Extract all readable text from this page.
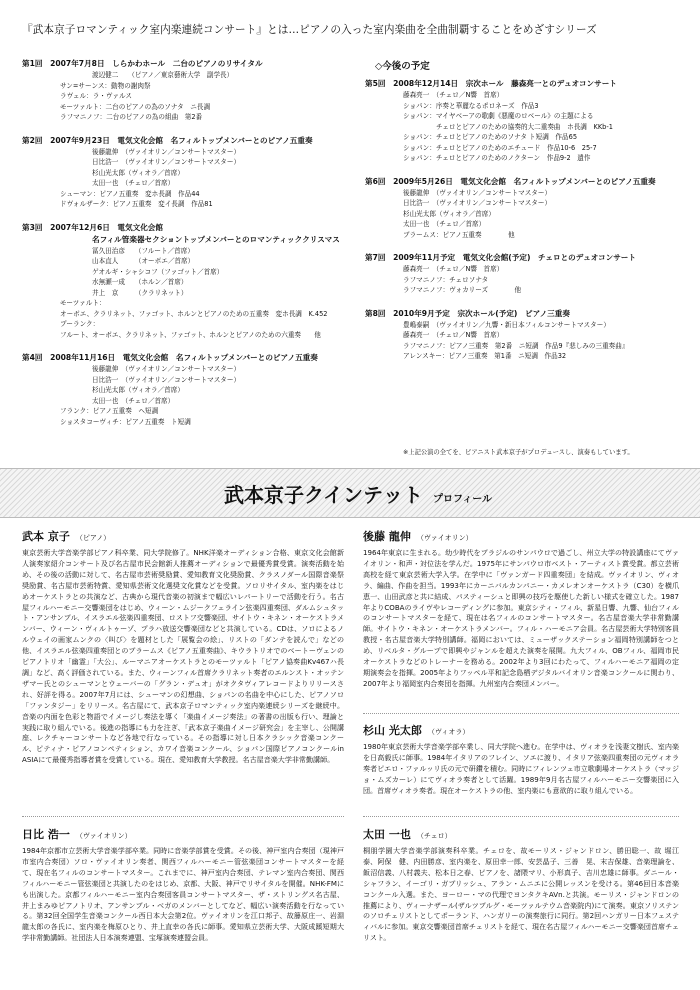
『武本京子ロマンティック室内楽連続コンサート』とは…ピアノの入った室内楽曲を全曲制覇することをめざすシリーズ
第1回　2007年7月8日　しらかわホール　二台のピアノのリサイタル
渡辺健二　　（ピアノ／東京藝術大学　副学長）
サン=サーンス：動物の謝肉祭
ラヴェル：ラ・ヴァルス
モーツァルト：二台のピアノの為のソナタ　ニ長調
ラフマニノフ：二台のピアノの為の組曲　第2番
第2回　2007年9月23日　電気文化会館　名フィルトップメンバーとのピアノ五重奏
後藤龍伸　（ヴァイオリン／コンサートマスター）
日比浩一　（ヴァイオリン／コンサートマスター）
杉山光太郎（ヴィオラ／首席）
太田一也　（チェロ／首席）
シューマン：ピアノ五重奏　変ホ長調　作品44
ドヴォルザーク：ピアノ五重奏　変イ長調　作品81
第3回　2007年12月6日　電気文化会館
名フィル管楽器セクショントップメンバーとのロマンティッククリスマス
冨久田治彦　　（フルート／首席）
山本直人　　　（オーボエ／首席）
ゲオルギ・シャシコフ（ファゴット／首席）
水無瀬一成　　（ホルン／首席）
井上　京　　　（クラリネット）
モーツァルト：
オーボエ、クラリネット、ファゴット、ホルンとピアノのための五重奏　変ホ長調　K.452
プーランク：
フルート、オーボエ、クラリネット、ファゴット、ホルンとピアノのための六重奏　　他
第4回　2008年11月16日　電気文化会館　名フィルトップメンバーとのピアノ五重奏
後藤龍伸　（ヴァイオリン／コンサートマスター）
日比浩一　（ヴァイオリン／コンサートマスター）
杉山光太郎（ヴィオラ／首席）
太田一也　（チェロ／首席）
フランク：ピアノ五重奏　ヘ短調
ショスタコーヴィチ：ピアノ五重奏　ト短調
◇今後の予定
第5回　2008年12月14日　宗次ホール　藤森亮一とのデュオコンサート
藤森亮一　（チェロ／N響　首席）
ショパン：序奏と華麗なるポロネーズ　作品3
ショパン：マイヤベーアの歌劇《悪魔のロベール》の主題による
　　　　　チェロとピアノのための協奏的大二重奏曲　ホ長調　KKb-1
ショパン：チェロとピアノのためのソナタ ト短調　作品65
ショパン：チェロとピアノのためのエチュード　作品10-6　25-7
ショパン：チェロとピアノのためのノクターン　作品9-2　遺作
第6回　2009年5月26日　電気文化会館　名フィルトップメンバーとのピアノ五重奏
後藤龍伸　（ヴァイオリン／コンサートマスター）
日比浩一　（ヴァイオリン／コンサートマスター）
杉山光太郎（ヴィオラ／首席）
太田一也　（チェロ／首席）
ブラームス：ピアノ五重奏　　　　他
第7回　2009年11月予定　電気文化会館(予定)　チェロとのデュオコンサート
藤森亮一　（チェロ／N響　首席）
ラフマニノフ：チェロソナタ
ラフマニノフ：ヴォカリーズ　　　　他
第8回　2010年9月予定　宗次ホール(予定)　ピアノ三重奏
豊嶋泰嗣　（ヴァイオリン／九響・新日本フィルコンサートマスター）
藤森亮一　（チェロ／N響　首席）
ラフマニノフ：ピアノ三重奏　第2番　ニ短調　作品9『悲しみの三重奏曲』
アレンスキー：ピアノ三重奏　第1番　ニ短調　作品32
※上記公演の全てを、ピアニスト武本京子がプロデュースし、演奏もしています。
武本京子クインテット プロフィール
武本 京子 （ピアノ）
東京芸術大学音楽学部ピアノ科卒業、同大学院修了。NHK洋楽オーディション合格、東京文化会館新人演奏家紹介コンサート及び名古屋市民会館新人推薦オーディションで最優秀賞受賞。演奏活動を始め、その後の活動に対して、名古屋市芸術奨励賞、愛知教育文化奨励賞、クラスノダール国際音楽祭奨励賞、名古屋市芸術特賞、愛知県芸術文化選奨文化賞などを受賞。ソロリサイタル、室内楽をはじめオーケストラとの共演など、古典から現代音楽の初演まで幅広いレパートリーで活動を行う。名古屋フィルハーモニー交響楽団をはじめ、ウィーン・ムジークフェライン弦楽四重奏団、ダルムシュタット・アンサンブル、イスラエル弦楽四重奏団、ロストフ交響楽団、サイトウ・キネン・オーケストラメンバー、ウィーン・ヴィルトゥーゾ、プラハ放送交響楽団などと共演している。CDは、ソロによるノルウェイの画家ムンクの〈叫び〉を題材とした「展覧会の絵」、リストの「ダンテを読んで」などの他、イスラエル弦楽四重奏団とのブラームス《ピアノ五重奏曲》、キウラトリオでのベートーヴェンのピアノトリオ「幽霊」「大公」、ルーマニアオーケストラとのモーツァルト「ピアノ協奏曲Kv467ハ長調」など、高く評価されている。また、ウィーンフィル首席クラリネット奏者のエルンスト・オッテンザマー氏とのシューマンとウェーバーの「グラン・デュオ」がオクタヴィアレコードよりリリースされ、好評を得る。2007年7月には、シューマンの幻想曲、ショパンの名曲を中心にした、ピアノソロ「ファンタジー」をリリース。名古屋にて、武本京子ロマンティック室内楽連続シリーズを継続中。音楽の内面を色彩と物語でイメージし奏法を導く「楽曲イメージ奏法」の著書の出版も行い、理論と実践に取り組んでいる。後進の指導にも力を注ぎ、「武本京子楽曲イメージ研究会」を主宰し、公開講座、レクチャーコンサートなど各地で行なっている。その指導に対し日本クラシック音楽コンクール、ピティナ・ピアノコンペティション、カワイ音楽コンクール、ショパン国際ピアノコンクールin ASIAにて最優秀指導者賞を受賞している。現在、愛知教育大学教授。名古屋音楽大学非常勤講師。
後藤 龍伸 （ヴァイオリン）
1964年東京に生まれる。幼少時代をブラジルのサンパウロで過ごし、州立大学の特設講座にてヴァイオリン・和声・対位法を学んだ。1975年にサンパウロ市ベスト・アーティスト賞受賞。都立芸術高校を経て東京芸術大学入学。在学中に「ヴァンガード四重奏団」を結成。ヴァイオリン、ヴィオラ、編曲、作曲を担当。1993年にカーニバルカンパニー・カメレオンオーケストラ（C30）を横爪恵一、山田武彦と共に結成、パスティーシュと即興の技巧を駆使した新しい様式を確立した。1987年よりCOBAのライヴやレコーディングに参加。東京シティ・フィル、新星日響、九響、仙台フィルのコンサートマスターを経て、現在は名フィルのコンサートマスター。名古屋音楽大学非常勤講師。サイトウ・キネン・オーケストラメンバー。フィル・ハーモニア会員。名古屋芸術大学特別客員教授・名古屋音楽大学特別講師。福岡においては、ミューザックステーション福岡特別講師をつとめ、リベルタ・グループで即興やジャンルを超えた演奏を展開。九大フィル、OBフィル、福岡市民オーケストラなどのトレーナーを務める。2002年より3回にわたって、フィルハーモニア福岡の定期演奏会を指揮。2005年よりフッペル平和記念島栖デジタルバイオリン音楽コンクールに関わり、2007年より福岡室内合奏団を指揮。九州室内合奏団メンバー。
杉山 光太郎 （ヴィオラ）
1980年東京芸術大学音楽学部卒業し、同大学院へ進む。在学中は、ヴィオラを浅妻文樹氏、室内楽を日高毅氏に師事。1984年イタリアのフレイン、ソエに渡り、イタリア弦楽四重奏団の元ヴィオラ奏者ピエロ・ファルッリ氏の元で研鑽を積む。同時にフィレンツェ市立歌劇場オーケストラ（マッジョ・ムズカーレ）にてヴィオラ奏者として活躍。1989年9月名古屋フィルハーモニー交響楽団に入団。首席ヴィオラ奏者。現在オーケストラの他、室内楽にも意欲的に取り組んでいる。
日比 浩一 （ヴァイオリン）
1984年京都市立芸術大学音楽学部卒業。同時に音楽学部賞を受賞。その後、神戸室内合奏団（現神戸市室内合奏団）ソロ・ヴァイオリン奏者、関西フィルハーモニー管弦楽団コンサートマスターを経て、現在名フィルのコンサートマスター。これまでに、神戸室内合奏団、テレマン室内合奏団、関西フィルハーモニー管弦楽団と共演したのをはじめ、京都、大阪、神戸でリサイタルを開催。NHK-FMにも出演した。京都フィルハーモニー室内合奏団客員コンサートマスター、ザ・ストリングス名古屋、井上まみゆピアノトリオ、アンサンブル・ベガのメンバーとしてなど、幅広い演奏活動を行なっている。第32回全国学生音楽コンクール西日本大会第2位。ヴァイオリンを江口邦子、故籐原庄一、岩淵龍太郎の各氏に、室内楽を梅原ひとり、井上直幸の各氏に師事。愛知県立芸術大学、大阪成蹊短期大学非常勤講師。社団法人日本演奏連盟、宝塚演奏連盟会員。
太田 一也 （チェロ）
桐朋学園大学音楽学部演奏科卒業。チェロを、故モーリス・ジャンドロン、勝田聡一、故 堀江　泰、阿保　健、内田勝彦、室内楽を、原田幸一郎、安芸晶子、三善　晃、末吉保雄、音楽理論を、飯沼信義、八村義夫、松本日之春、ピアノを、諸隈マリ、小形真子、吉川忠雄に師事。ダニール・シャフラン、イーゴリ・ガブリッシュ、アラン・ムニエに公開レッスンを受ける。第46回日本音楽コンクール入選。また、ヨーロー・マの代理でヨンタクキAVn.と共演。モーリス・ジャンドロンの推薦により、ヴィーナザール(ザルツブルグ・モーツァルテウム音楽院内)にて演奏。東京ソリステンのソロチェリストとしてポーランド、ハンガリーの演奏旅行に同行。第2回ハンガリー日本フェスティバルに参加。東京交響楽団首席チェリストを経て、現在名古屋フィルハーモニー交響楽団首席チェリスト。
